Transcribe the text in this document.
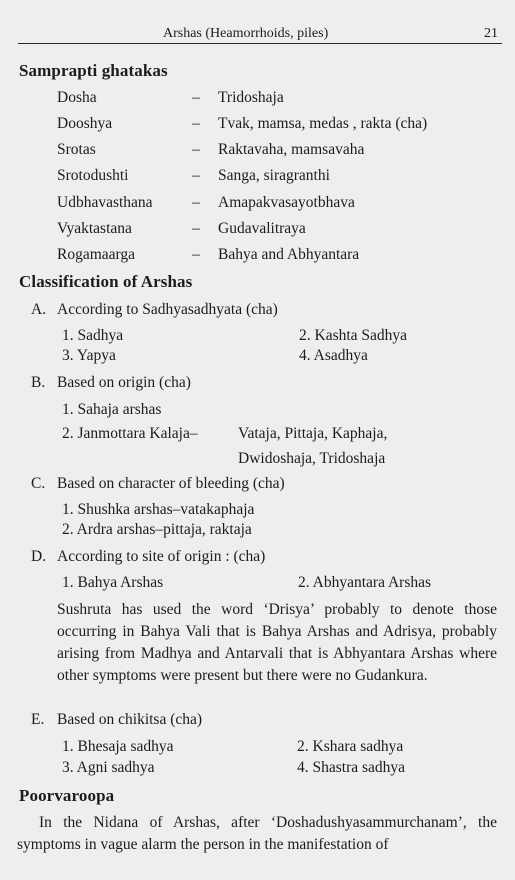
Arshas (Heamorrhoids, piles)	21
Samprapti ghatakas
Dosha	– Tridoshaja
Dooshya	– Tvak, mamsa, medas , rakta (cha)
Srotas	– Raktavaha, mamsavaha
Srotodushti	– Sanga, siragranthi
Udbhavasthana	– Amapakvasayotbhava
Vyaktastana	– Gudavalitraya
Rogamaarga	– Bahya and Abhyantara
Classification of Arshas
A. According to Sadhyasadhyata (cha)
1. Sadhya	2. Kashta Sadhya
3. Yapya	4. Asadhya
B. Based on origin (cha)
1. Sahaja arshas
2. Janmottara Kalaja–	Vataja, Pittaja, Kaphaja,
Dwidoshaja, Tridoshaja
C. Based on character of bleeding (cha)
1. Shushka arshas–vatakaphaja
2. Ardra arshas–pittaja, raktaja
D. According to site of origin : (cha)
1. Bahya Arshas	2. Abhyantara Arshas
Sushruta has used the word ‘Drisya’ probably to denote those occurring in Bahya Vali that is Bahya Arshas and Adrisya, probably arising from Madhya and Antarvali that is Abhyantara Arshas where other symptoms were present but there were no Gudankura.
E. Based on chikitsa (cha)
1. Bhesaja sadhya	2. Kshara sadhya
3. Agni sadhya	4. Shastra sadhya
Poorvaroopa
In the Nidana of Arshas, after ‘Doshadushyasammurchanam’, the symptoms in vague alarm the person in the manifestation of
